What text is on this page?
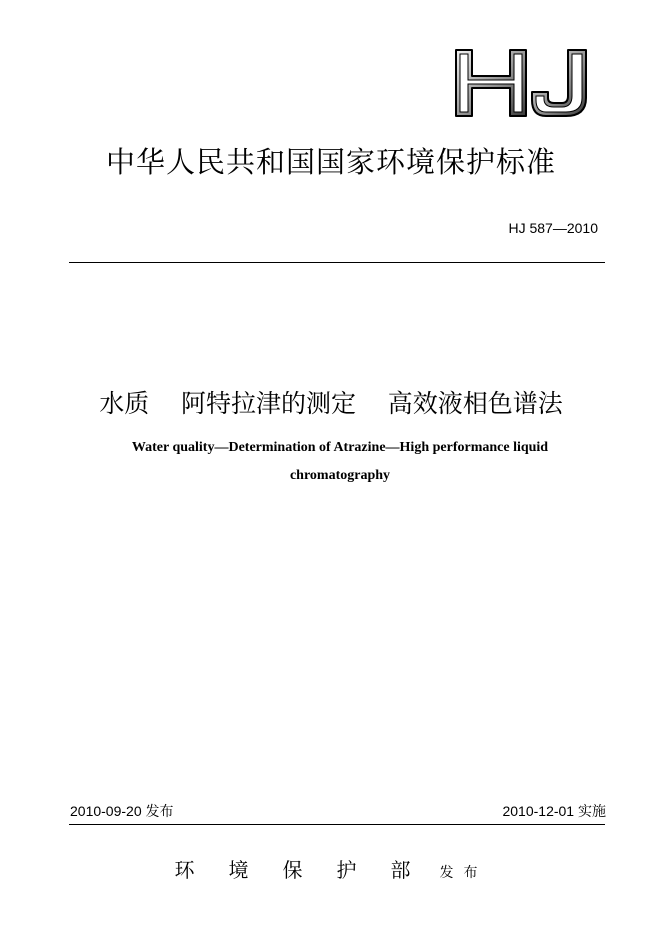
中华人民共和国国家环境保护标准
HJ 587—2010
水质    阿特拉津的测定    高效液相色谱法
Water quality—Determination of Atrazine—High performance liquid chromatography
2010-09-20 发布	2010-12-01 实施
环境保护部 发布
